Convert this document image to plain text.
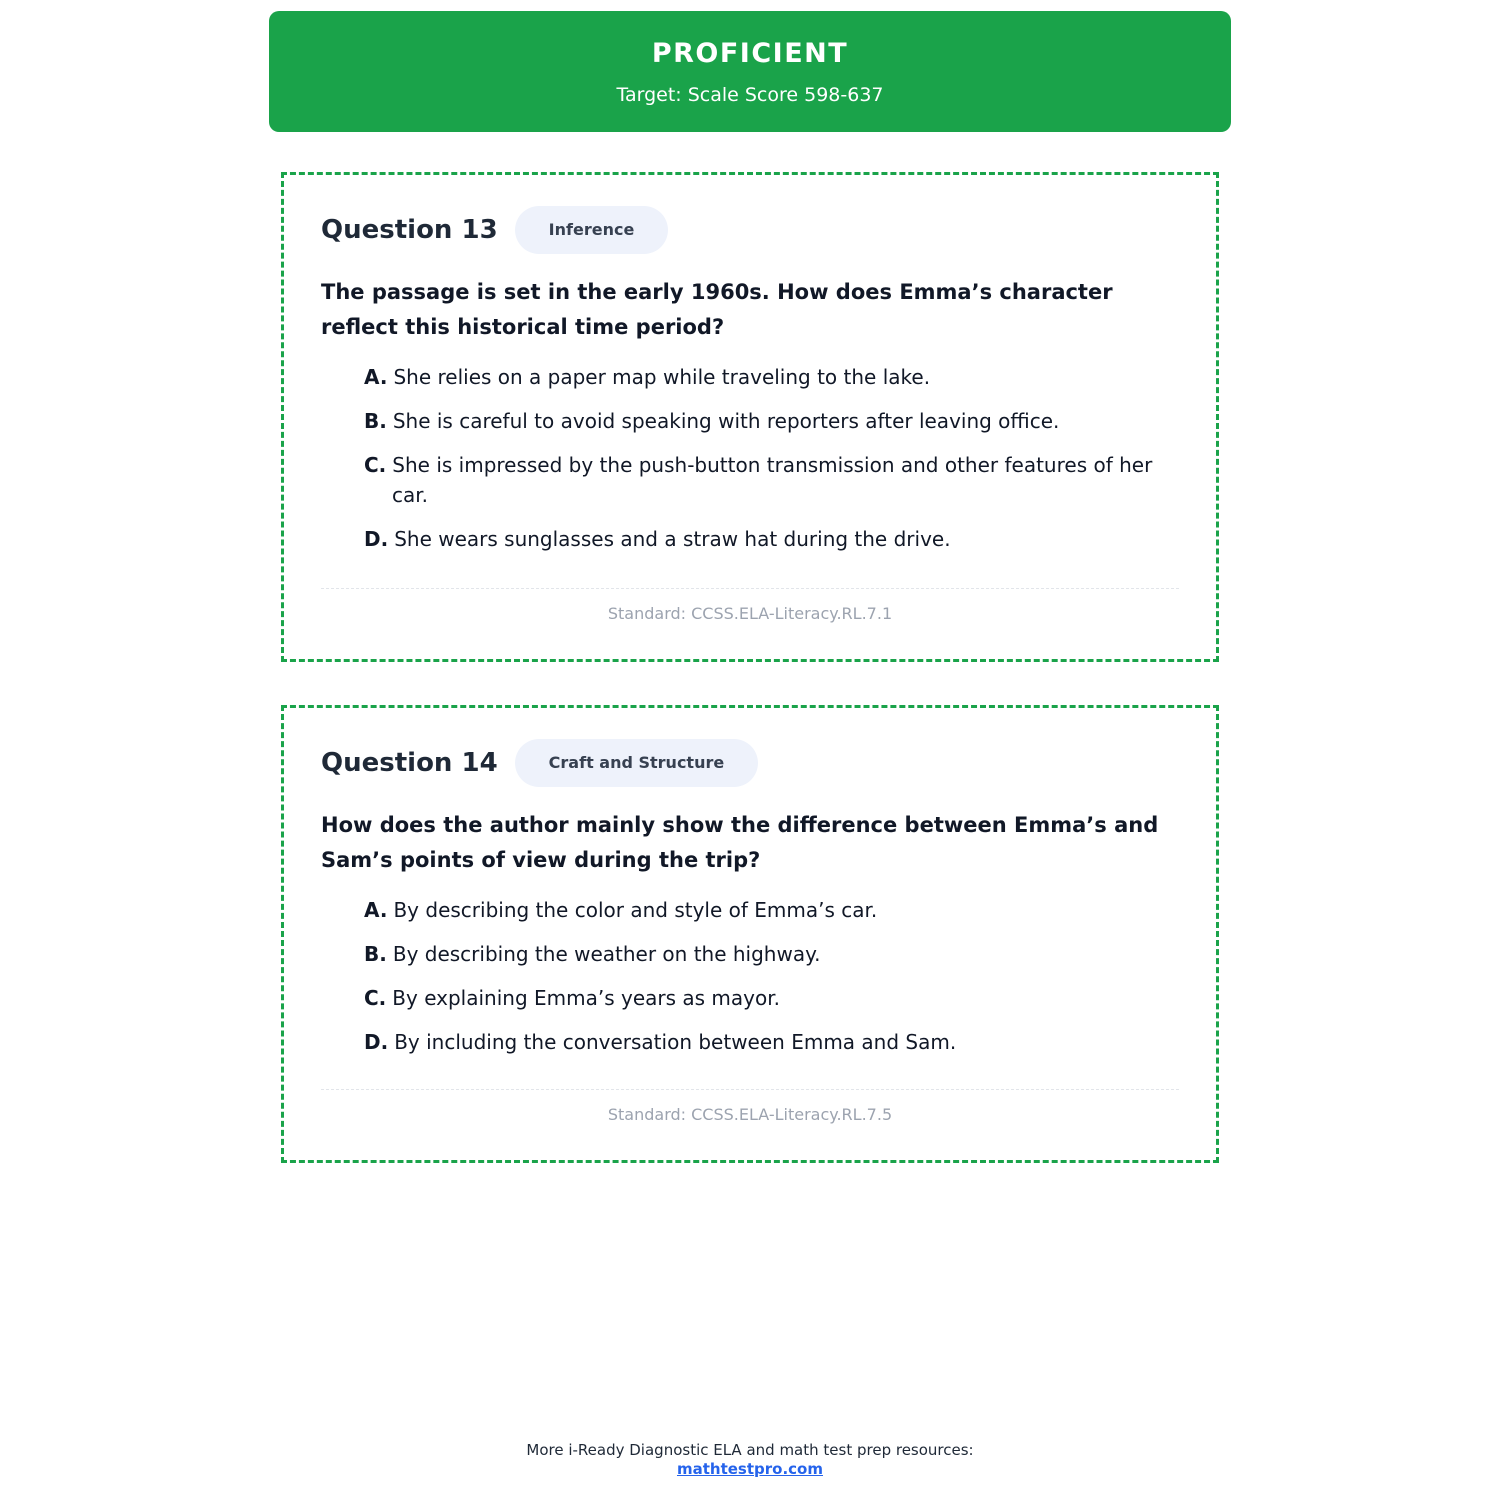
PROFICIENT
Target: Scale Score 598-637
Question 13	Inference
The passage is set in the early 1960s. How does Emma’s character reflect this historical time period?
A. She relies on a paper map while traveling to the lake.
B. She is careful to avoid speaking with reporters after leaving office.
C. She is impressed by the push-button transmission and other features of her car.
D. She wears sunglasses and a straw hat during the drive.
Standard: CCSS.ELA-Literacy.RL.7.1
Question 14	Craft and Structure
How does the author mainly show the difference between Emma’s and Sam’s points of view during the trip?
A. By describing the color and style of Emma’s car.
B. By describing the weather on the highway.
C. By explaining Emma’s years as mayor.
D. By including the conversation between Emma and Sam.
Standard: CCSS.ELA-Literacy.RL.7.5
More i-Ready Diagnostic ELA and math test prep resources:
mathtestpro.com
